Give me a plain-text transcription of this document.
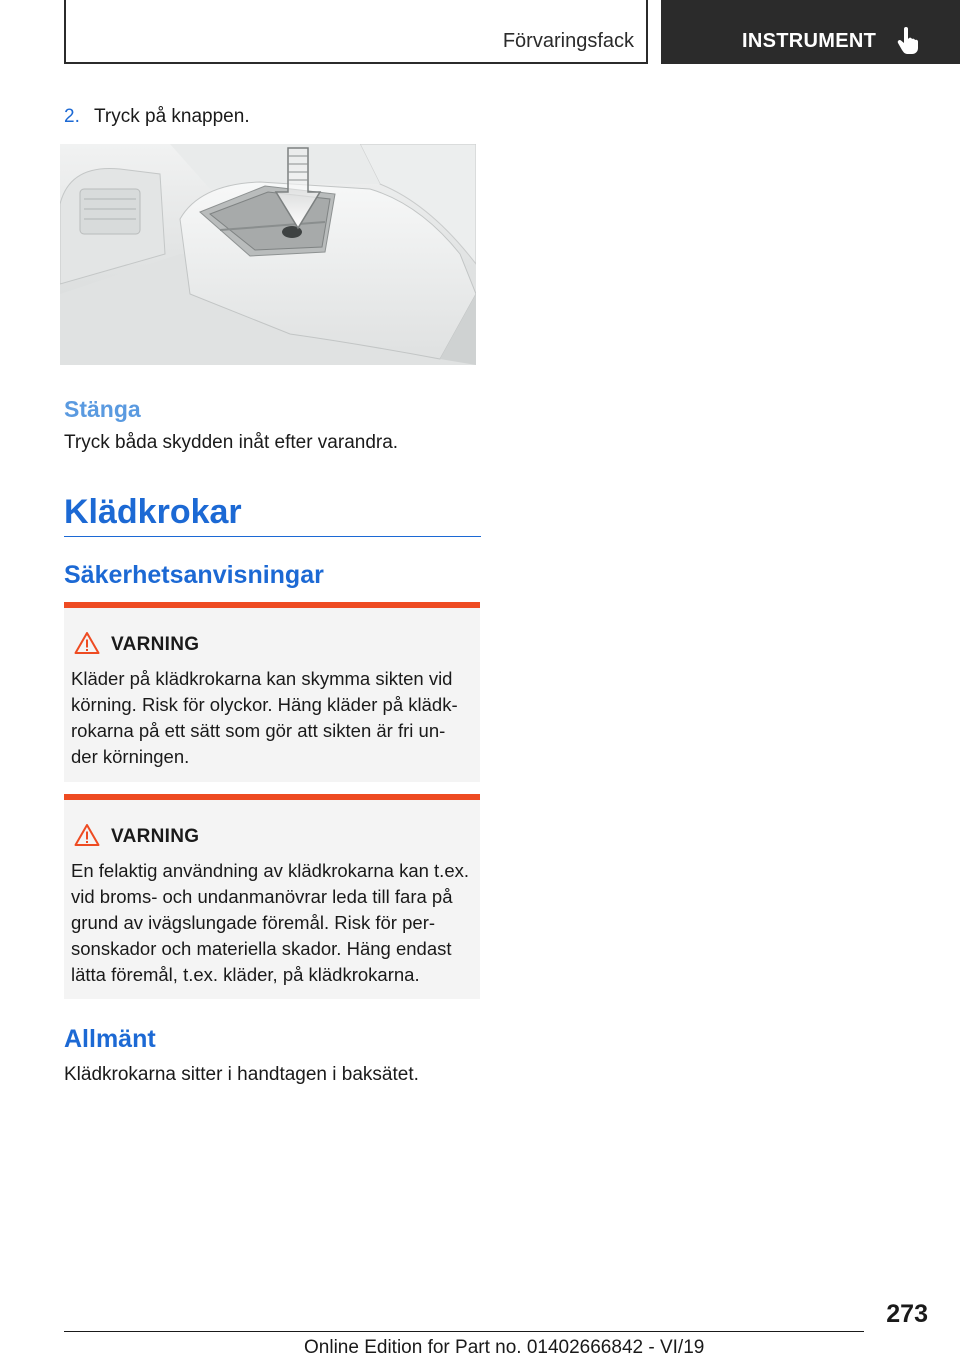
Förvaringsfack	INSTRUMENT
2. Tryck på knappen.
Stänga
Tryck båda skydden inåt efter varandra.
Klädkrokar
Säkerhetsanvisningar
VARNING
Kläder på klädkrokarna kan skymma sikten vid
körning. Risk för olyckor. Häng kläder på klädk‐
rokarna på ett sätt som gör att sikten är fri un‐
der körningen.
VARNING
En felaktig användning av klädkrokarna kan t.ex.
vid broms- och undanmanövrar leda till fara på
grund av ivägslungade föremål. Risk för per‐
sonskador och materiella skador. Häng endast
lätta föremål, t.ex. kläder, på klädkrokarna.
Allmänt
Klädkrokarna sitter i handtagen i baksätet.
273
Online Edition for Part no. 01402666842 - VI/19
